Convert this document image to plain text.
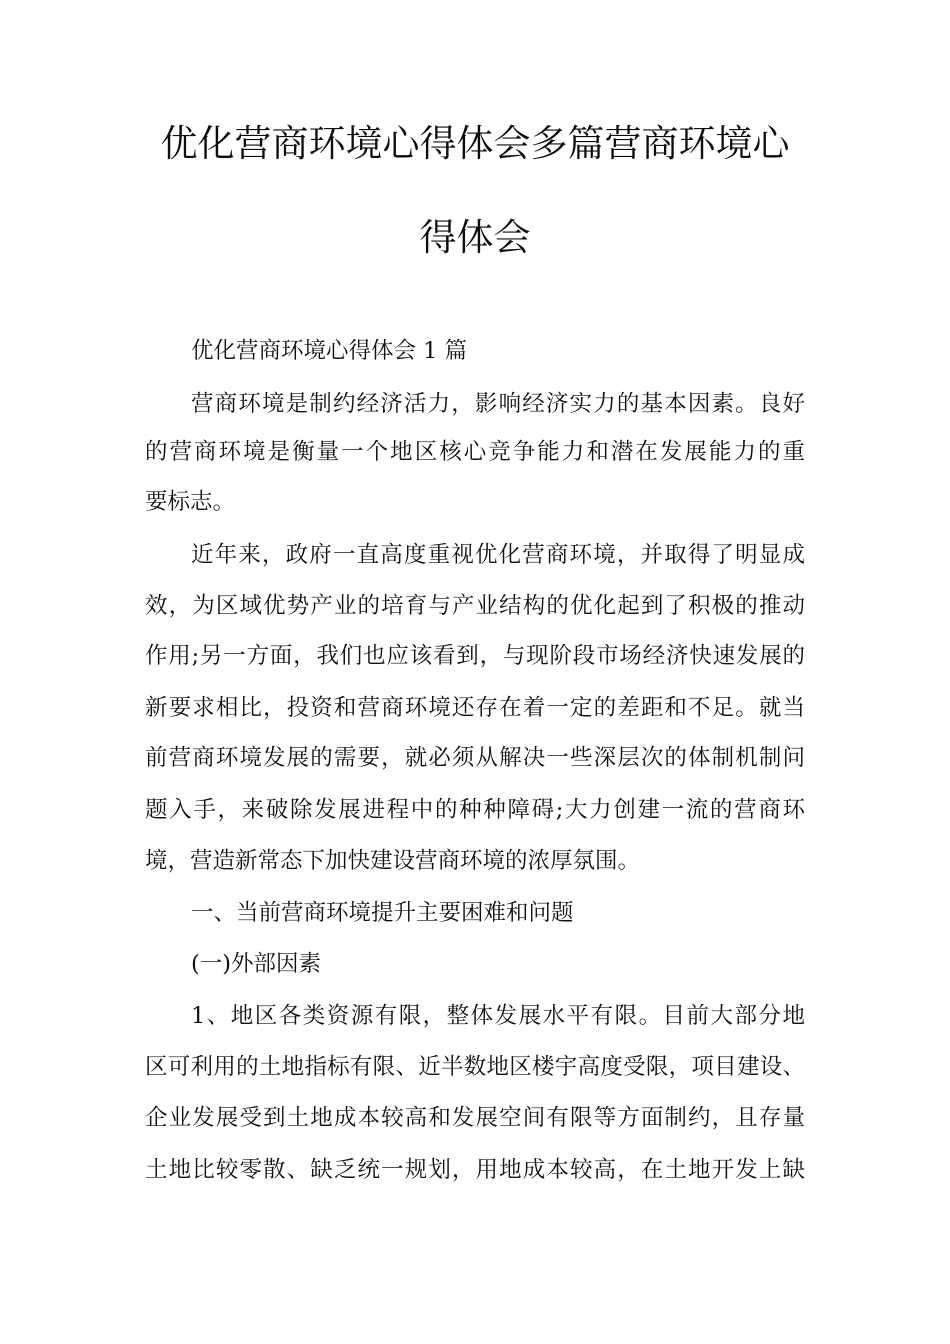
优化营商环境心得体会多篇营商环境心
得体会
优化营商环境心得体会 1 篇
营商环境是制约经济活力，影响经济实力的基本因素。良好
的营商环境是衡量一个地区核心竞争能力和潜在发展能力的重
要标志。
近年来，政府一直高度重视优化营商环境，并取得了明显成
效，为区域优势产业的培育与产业结构的优化起到了积极的推动
作用;另一方面，我们也应该看到，与现阶段市场经济快速发展的
新要求相比，投资和营商环境还存在着一定的差距和不足。就当
前营商环境发展的需要，就必须从解决一些深层次的体制机制问
题入手，来破除发展进程中的种种障碍;大力创建一流的营商环
境，营造新常态下加快建设营商环境的浓厚氛围。
一、当前营商环境提升主要困难和问题
(一)外部因素
1、地区各类资源有限，整体发展水平有限。目前大部分地
区可利用的土地指标有限、近半数地区楼宇高度受限，项目建设、
企业发展受到土地成本较高和发展空间有限等方面制约，且存量
土地比较零散、缺乏统一规划，用地成本较高，在土地开发上缺
